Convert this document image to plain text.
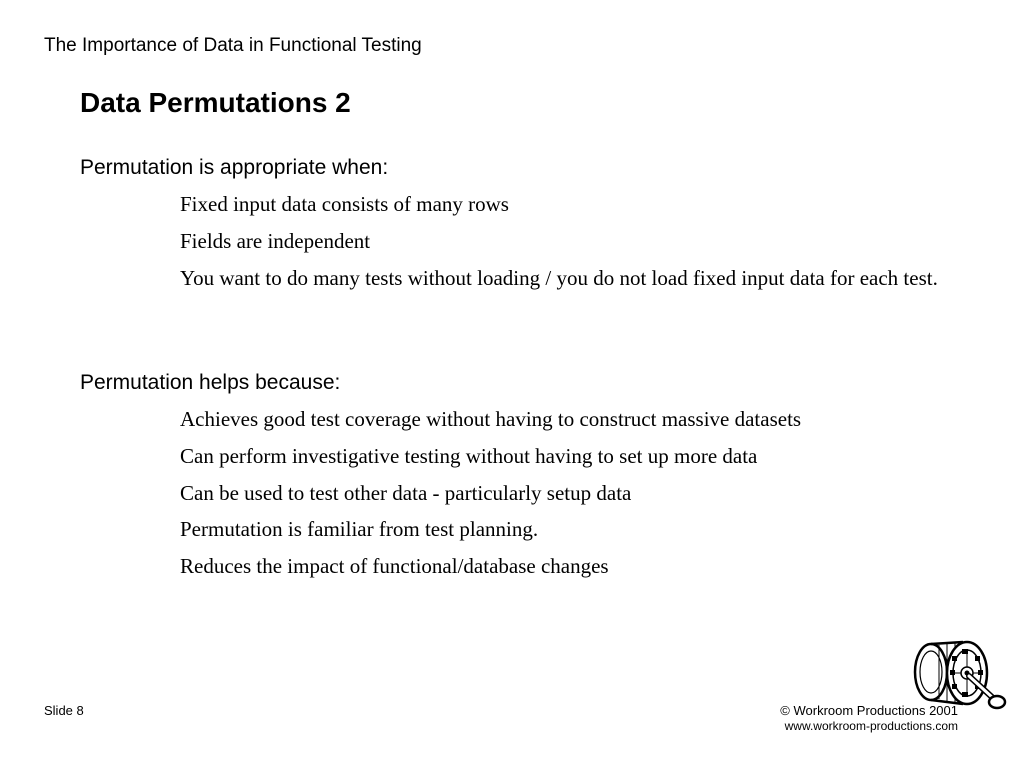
The Importance of Data in Functional Testing
Data Permutations 2
Permutation is appropriate when:
Fixed input data consists of many rows
Fields are independent
You want to do many tests without loading / you do not load fixed input data for each test.
Permutation helps because:
Achieves good test coverage without having to construct massive datasets
Can perform investigative testing without having to set up more data
Can be used to test other data - particularly setup data
Permutation is familiar from test planning.
Reduces the impact of functional/database changes
Slide 8	© Workroom Productions 2001
www.workroom-productions.com
